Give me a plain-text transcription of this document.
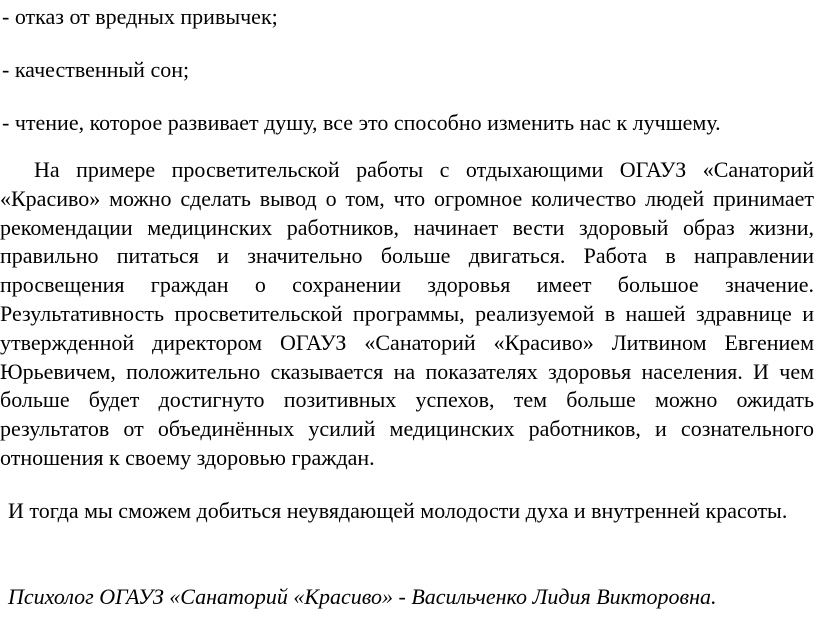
- отказ от вредных привычек;
- качественный сон;
- чтение, которое развивает душу, все это способно изменить нас к лучшему.
На примере просветительской работы с отдыхающими ОГАУЗ «Санаторий «Красиво» можно сделать вывод о том, что огромное количество людей принимает рекомендации медицинских работников, начинает вести здоровый образ жизни, правильно питаться и значительно больше двигаться. Работа в направлении просвещения граждан о сохранении здоровья имеет большое значение. Результативность просветительской программы, реализуемой в нашей здравнице и утвержденной директором ОГАУЗ «Санаторий «Красиво» Литвином Евгением Юрьевичем, положительно сказывается на показателях здоровья населения. И чем больше будет достигнуто позитивных успехов, тем больше можно ожидать результатов от объединённых усилий медицинских работников, и сознательного отношения к своему здоровью граждан.
И тогда мы сможем добиться неувядающей молодости духа и внутренней красоты.
Психолог ОГАУЗ «Санаторий «Красиво» - Васильченко Лидия Викторовна.
